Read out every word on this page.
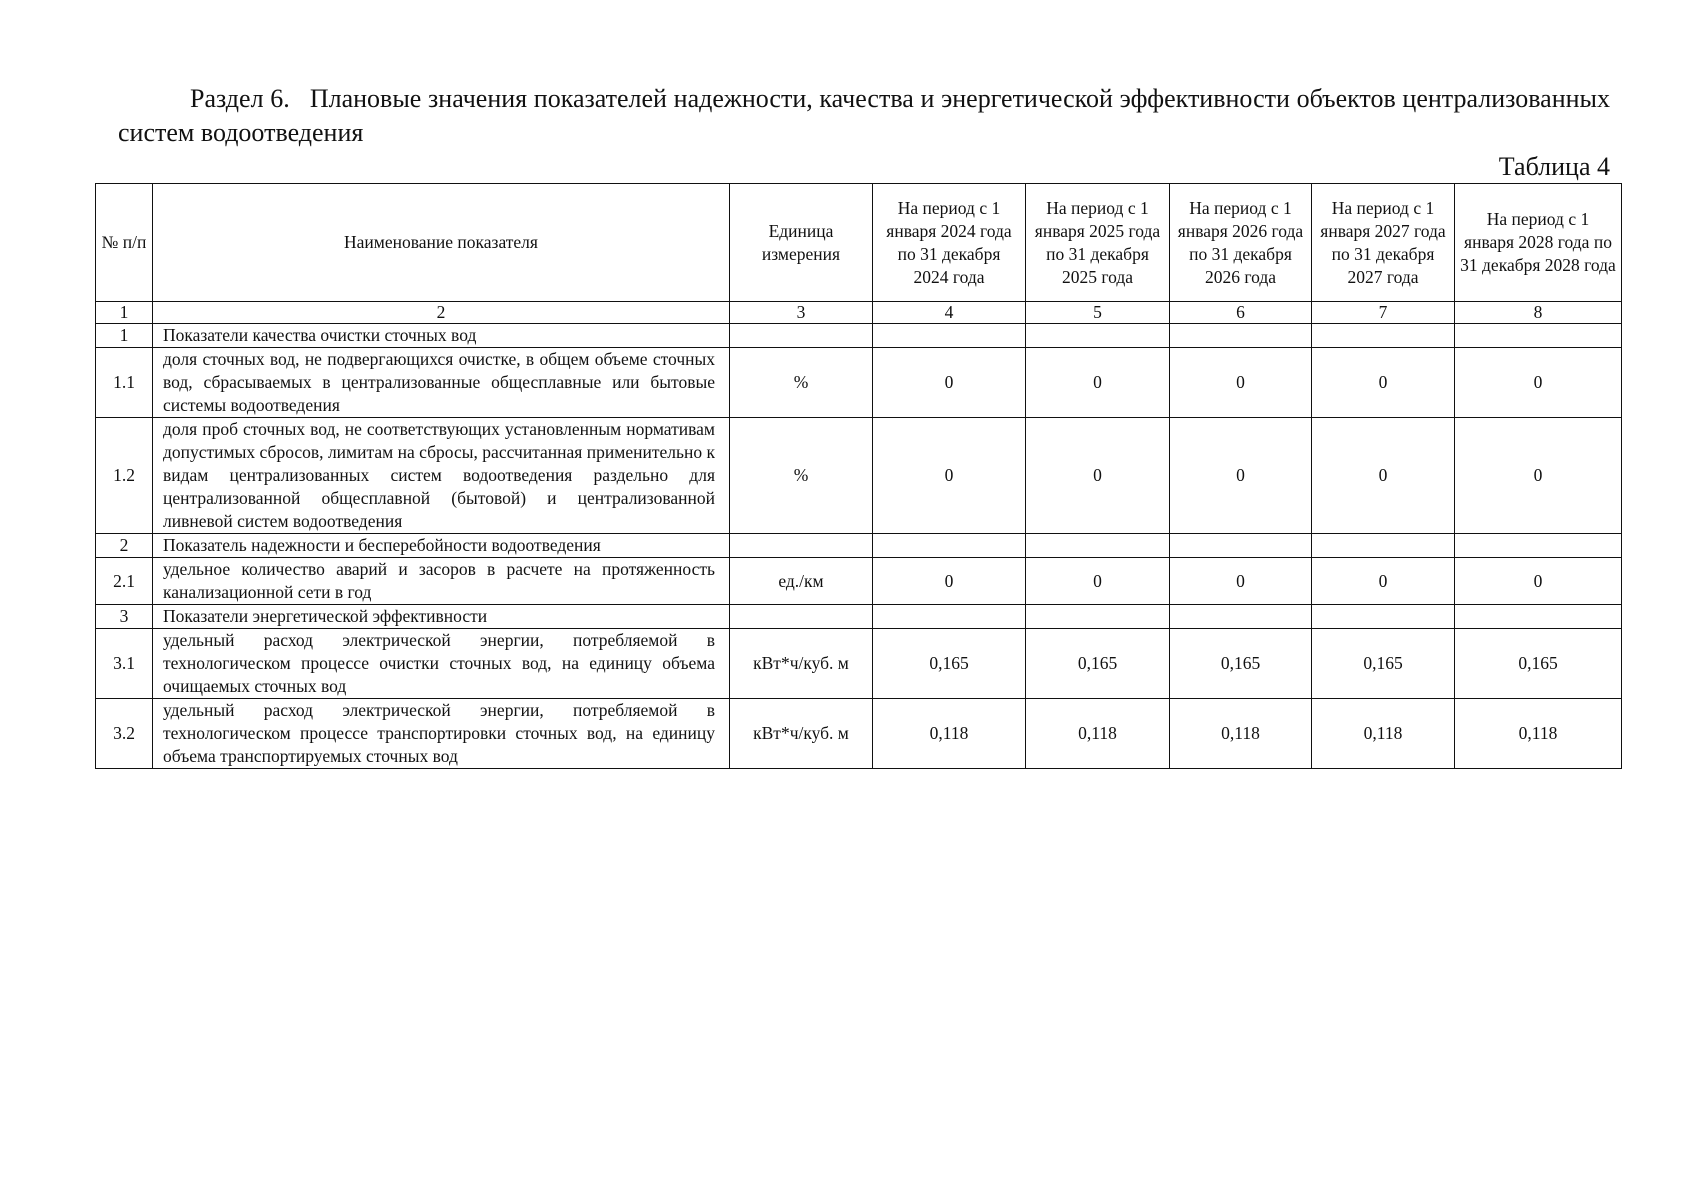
Раздел 6. Плановые значения показателей надежности, качества и энергетической эффективности объектов централизованных систем водоотведения
Таблица 4
№ п/п	Наименование показателя	Единица измерения	На период с 1 января 2024 года по 31 декабря 2024 года	На период с 1 января 2025 года по 31 декабря 2025 года	На период с 1 января 2026 года по 31 декабря 2026 года	На период с 1 января 2027 года по 31 декабря 2027 года	На период с 1 января 2028 года по 31 декабря 2028 года
1	2	3	4	5	6	7	8
1	Показатели качества очистки сточных вод						
1.1	доля сточных вод, не подвергающихся очистке, в общем объеме сточных вод, сбрасываемых в централизованные общесплавные или бытовые системы водоотведения	%	0	0	0	0	0
1.2	доля проб сточных вод, не соответствующих установленным нормативам допустимых сбросов, лимитам на сбросы, рассчитанная применительно к видам централизованных систем водоотведения раздельно для централизованной общесплавной (бытовой) и централизованной ливневой систем водоотведения	%	0	0	0	0	0
2	Показатель надежности и бесперебойности водоотведения						
2.1	удельное количество аварий и засоров в расчете на протяженность канализационной сети в год	ед./км	0	0	0	0	0
3	Показатели энергетической эффективности						
3.1	удельный расход электрической энергии, потребляемой в технологическом процессе очистки сточных вод, на единицу объема очищаемых сточных вод	кВт*ч/куб. м	0,165	0,165	0,165	0,165	0,165
3.2	удельный расход электрической энергии, потребляемой в технологическом процессе транспортировки сточных вод, на единицу объема транспортируемых сточных вод	кВт*ч/куб. м	0,118	0,118	0,118	0,118	0,118
